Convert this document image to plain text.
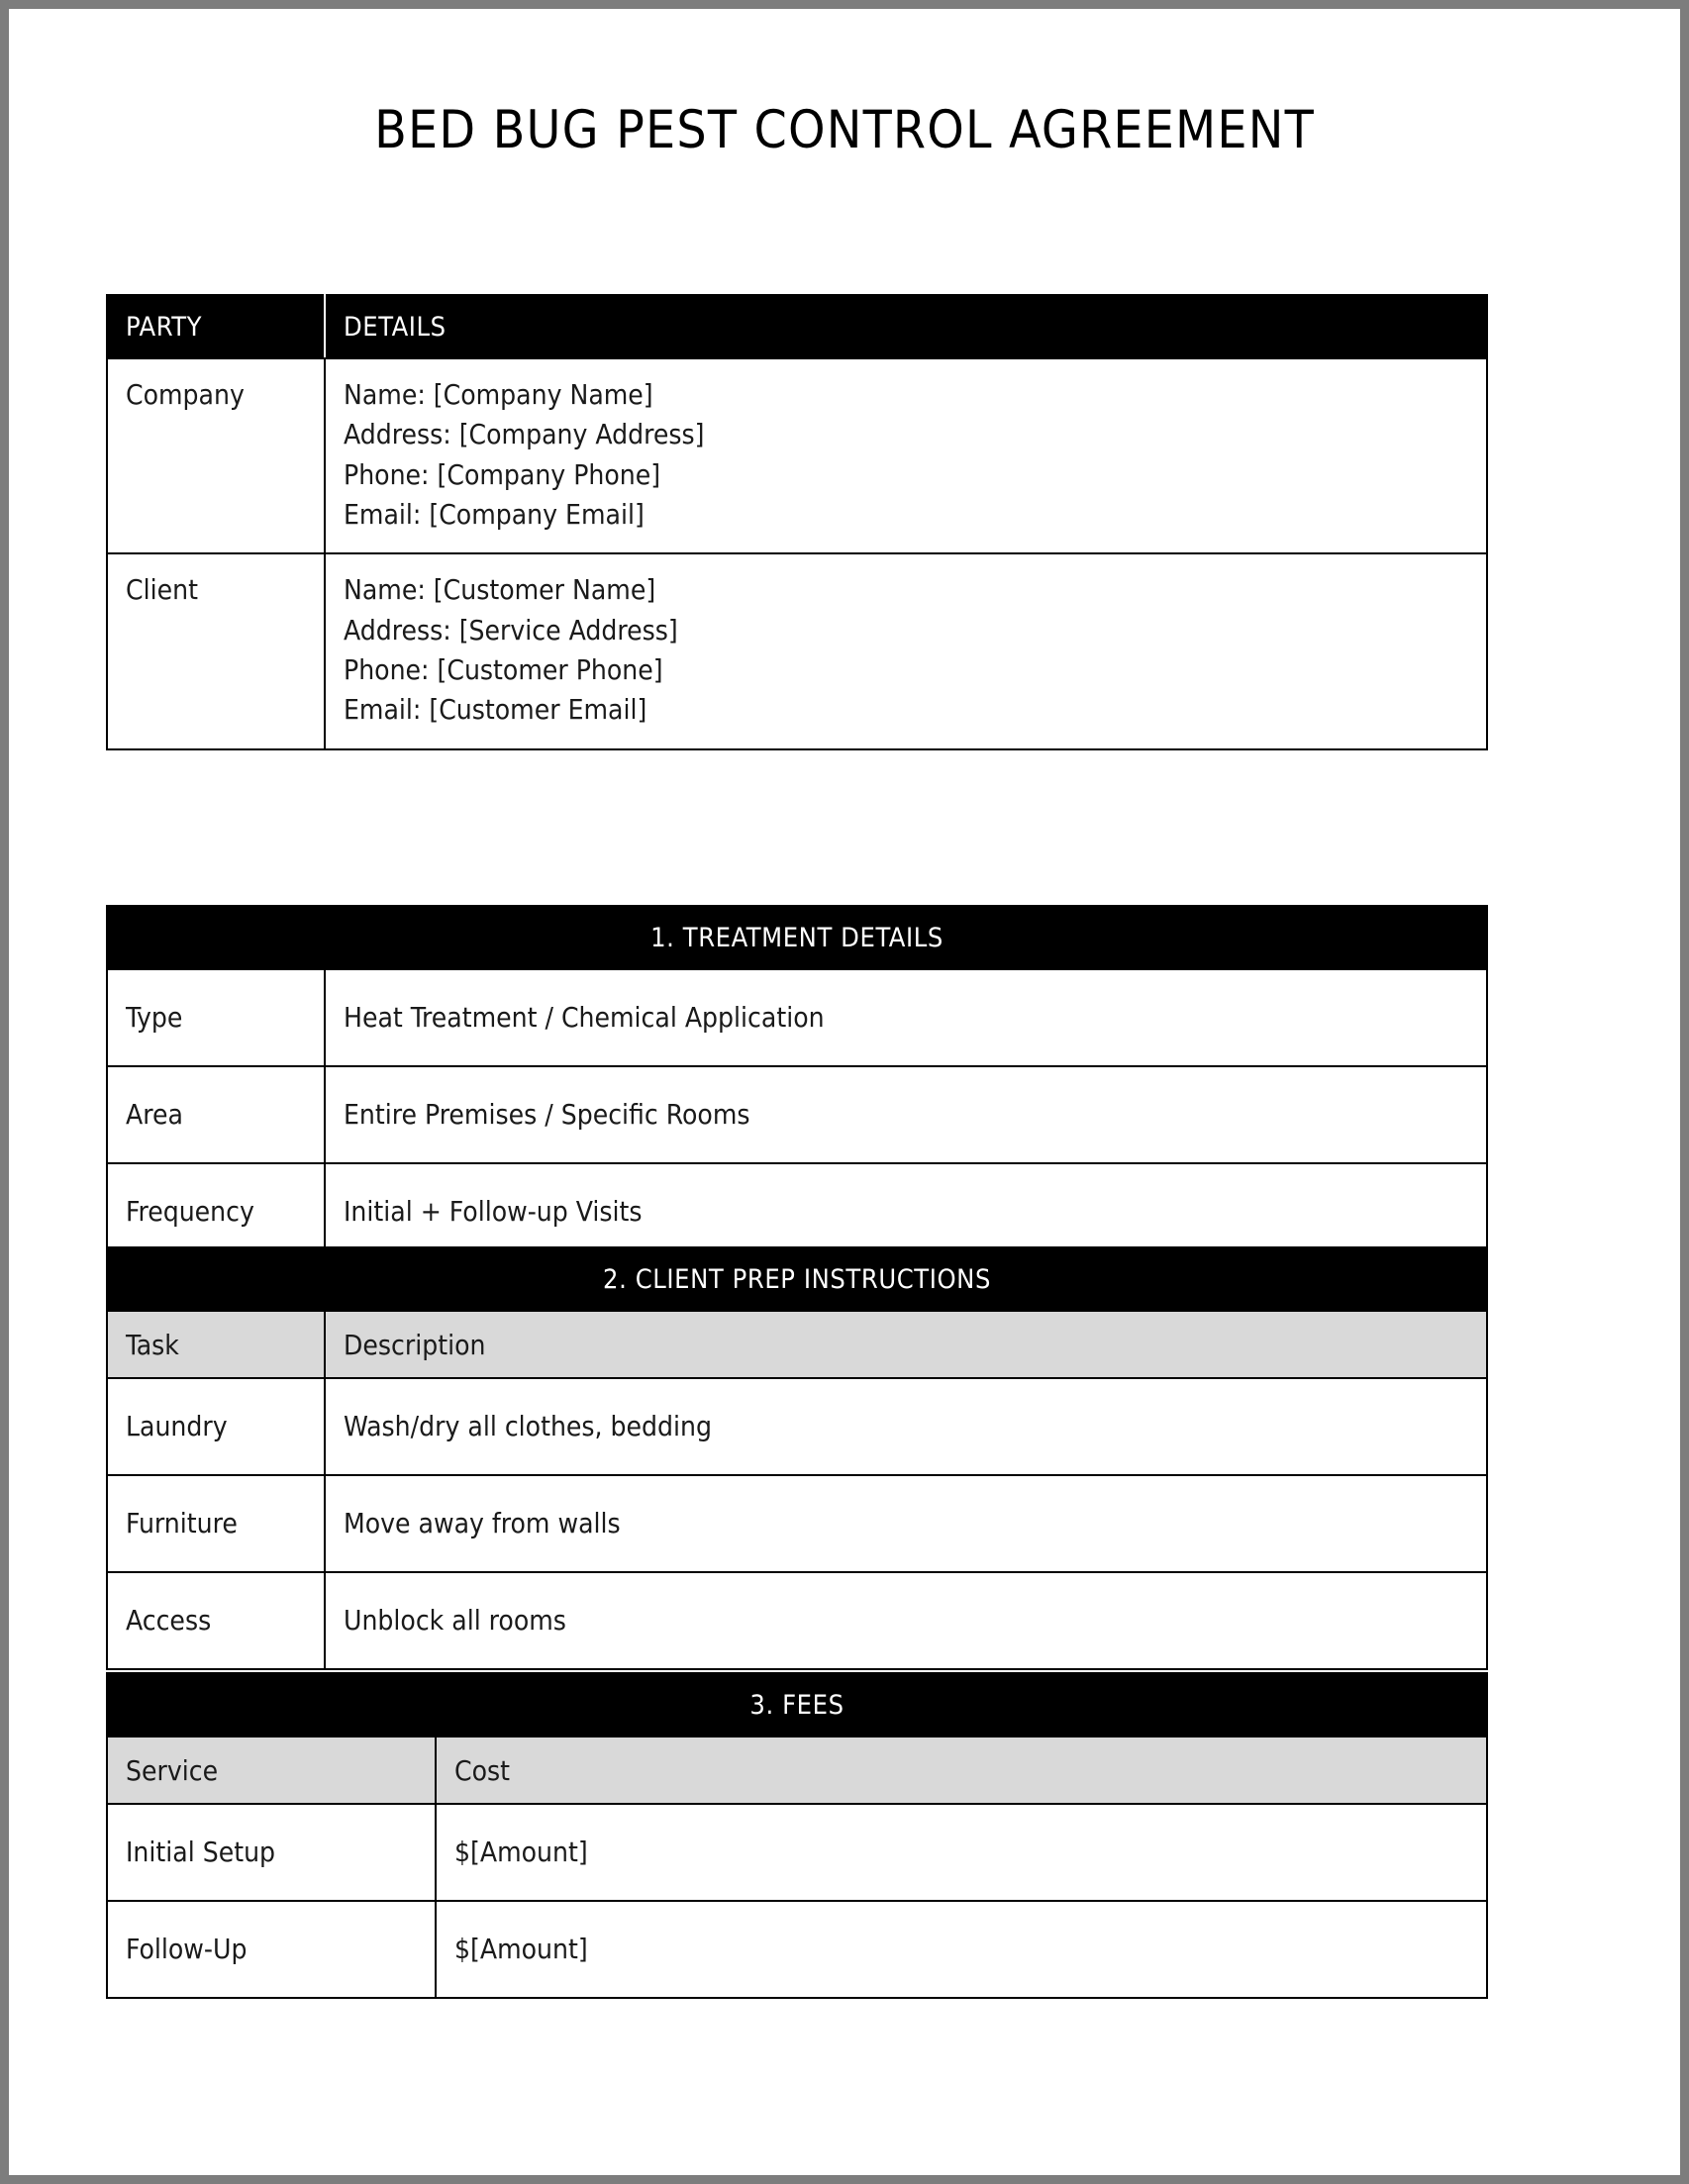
BED BUG PEST CONTROL AGREEMENT
PARTY	DETAILS
Company	Name: [Company Name]
Address: [Company Address]
Phone: [Company Phone]
Email: [Company Email]

Client	Name: [Customer Name]
Address: [Service Address]
Phone: [Customer Phone]
Email: [Customer Email]
1. TREATMENT DETAILS	
Type	Heat Treatment / Chemical Application
Area	Entire Premises / Specific Rooms
Frequency	Initial + Follow-up Visits
2. CLIENT PREP INSTRUCTIONS	
Task	Description
Laundry	Wash/dry all clothes, bedding
Furniture	Move away from walls
Access	Unblock all rooms
3. FEES	
Service	Cost
Initial Setup	$[Amount]
Follow-Up	$[Amount]
